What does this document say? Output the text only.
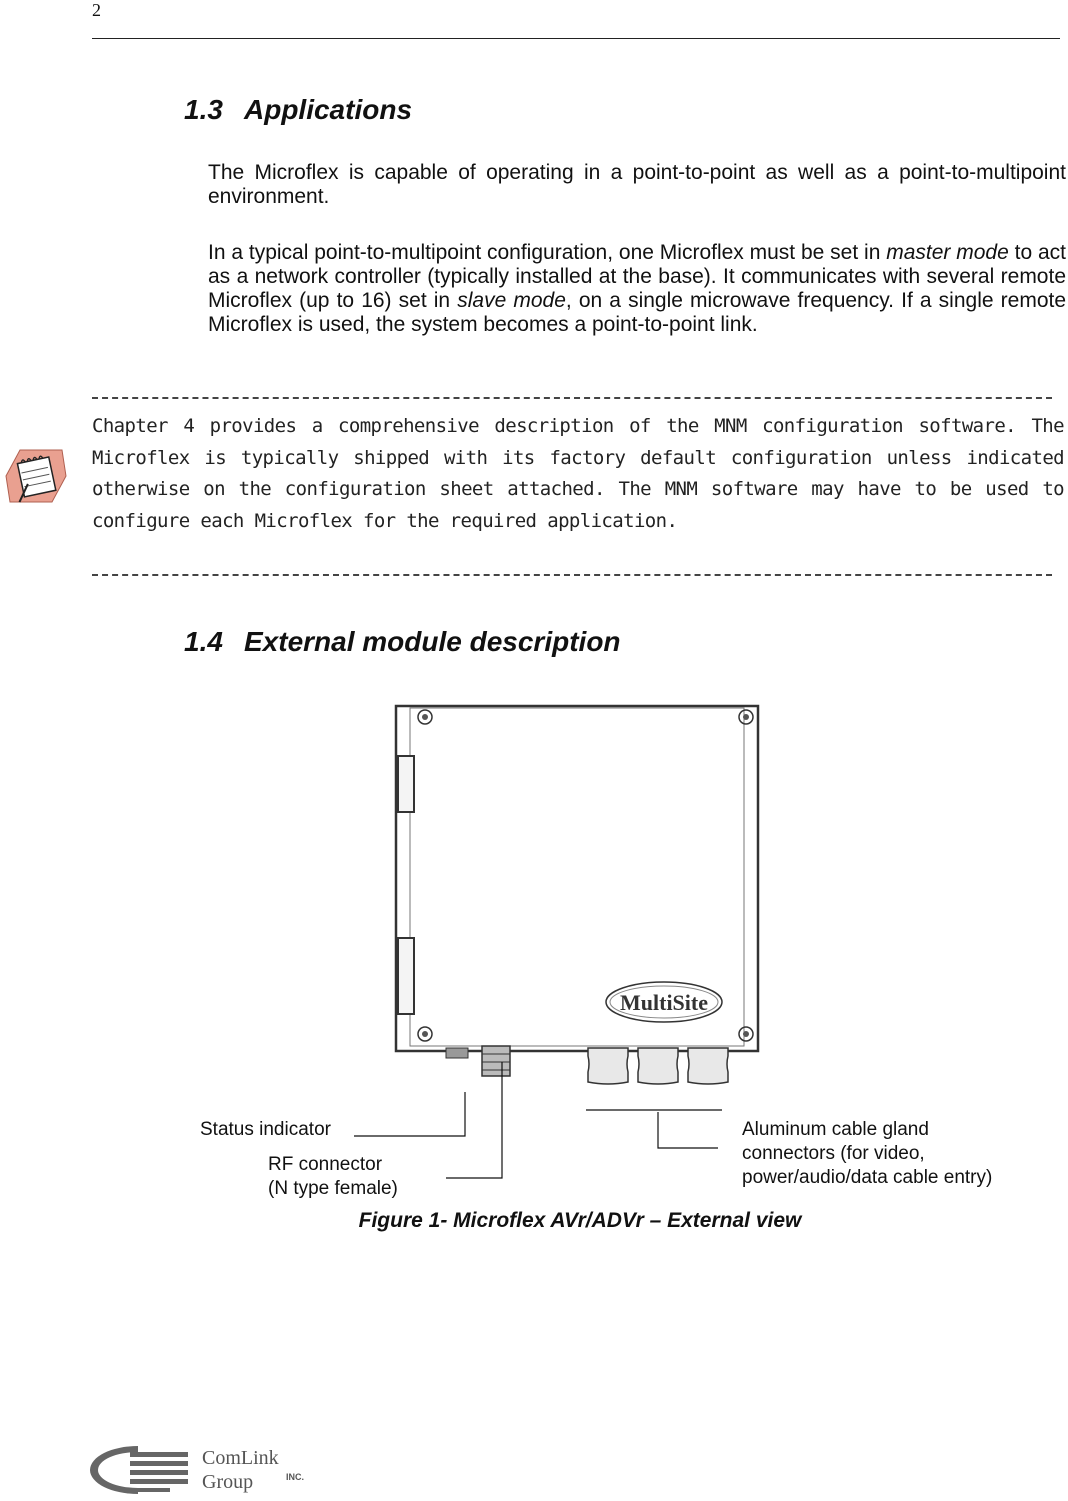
2
1.3 Applications

The Microflex is capable of operating in a point-to-point as well as a point-to-multipoint environment.

In a typical point-to-multipoint configuration, one Microflex must be set in master mode to act as a network controller (typically installed at the base). It communicates with several remote Microflex (up to 16) set in slave mode, on a single microwave frequency. If a single remote Microflex is used, the system becomes a point-to-point link.

Chapter 4 provides a comprehensive description of the MNM configuration software. The Microflex is typically shipped with its factory default configuration unless indicated otherwise on the configuration sheet attached. The MNM software may have to be used to configure each Microflex for the required application.
1.4 External module description
MultiSite
Status indicator
RF connector
(N type female)
Aluminum cable gland
connectors (for video,
power/audio/data cable entry)
Figure 1- Microflex AVr/ADVr – External view
ComLink
Group	INC.
